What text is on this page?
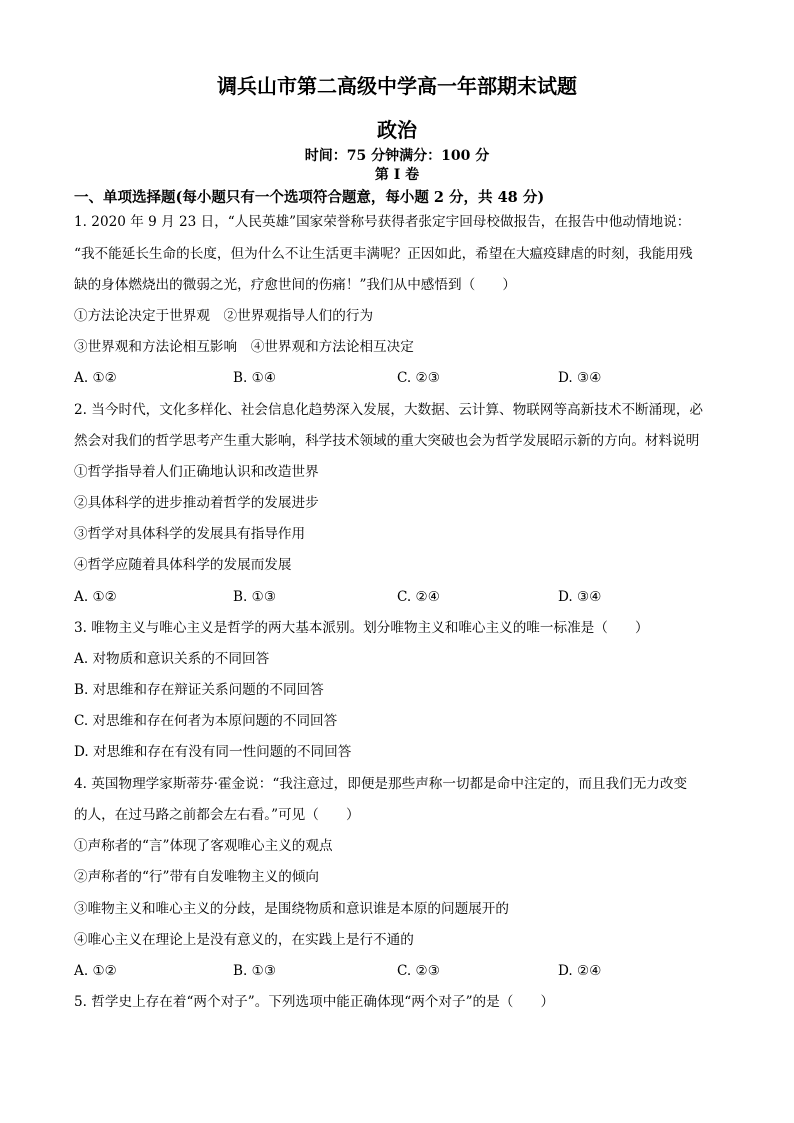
调兵山市第二高级中学高一年部期末试题
政治
时间：75 分钟满分：100 分
第 I 卷
一、单项选择题(每小题只有一个选项符合题意，每小题 2 分，共 48 分)
1. 2020 年 9 月 23 日，“人民英雄”国家荣誉称号获得者张定宇回母校做报告，在报告中他动情地说：
“我不能延长生命的长度，但为什么不让生活更丰满呢？正因如此，希望在大瘟疫肆虐的时刻，我能用残
缺的身体燃烧出的微弱之光，疗愈世间的伤痛！”我们从中感悟到（　　）
①方法论决定于世界观　②世界观指导人们的行为
③世界观和方法论相互影响　④世界观和方法论相互决定
A. ①②	B. ①④	C. ②③	D. ③④
2. 当今时代，文化多样化、社会信息化趋势深入发展，大数据、云计算、物联网等高新技术不断涌现，必
然会对我们的哲学思考产生重大影响，科学技术领域的重大突破也会为哲学发展昭示新的方向。材料说明
①哲学指导着人们正确地认识和改造世界
②具体科学的进步推动着哲学的发展进步
③哲学对具体科学的发展具有指导作用
④哲学应随着具体科学的发展而发展
A. ①②	B. ①③	C. ②④	D. ③④
3. 唯物主义与唯心主义是哲学的两大基本派别。划分唯物主义和唯心主义的唯一标准是（　　）
A. 对物质和意识关系的不同回答
B. 对思维和存在辩证关系问题的不同回答
C. 对思维和存在何者为本原问题的不同回答
D. 对思维和存在有没有同一性问题的不同回答
4. 英国物理学家斯蒂芬·霍金说：“我注意过，即便是那些声称一切都是命中注定的，而且我们无力改变
的人，在过马路之前都会左右看。”可见（　　）
①声称者的“言”体现了客观唯心主义的观点
②声称者的“行”带有自发唯物主义的倾向
③唯物主义和唯心主义的分歧，是围绕物质和意识谁是本原的问题展开的
④唯心主义在理论上是没有意义的，在实践上是行不通的
A. ①②	B. ①③	C. ②③	D. ②④
5. 哲学史上存在着“两个对子”。下列选项中能正确体现“两个对子”的是（　　）
